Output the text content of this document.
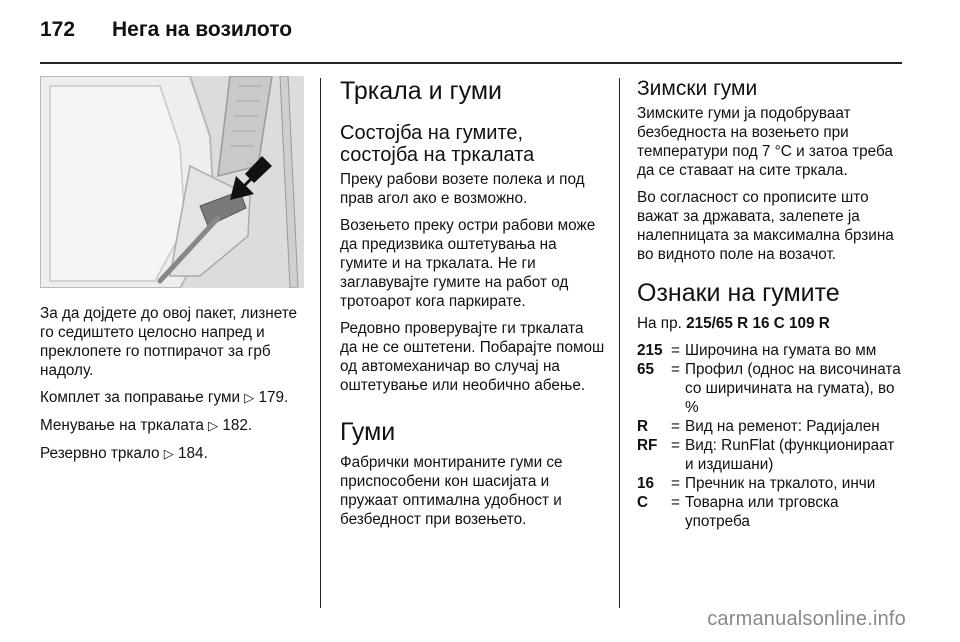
172 Нега на возилото

За да дојдете до овој пакет, лизнете го седиштето целосно напред и преклопете го потпирачот за грб надолу.

Комплет за поправање гуми ▷ 179.

Менување на тркалата ▷ 182.

Резервно тркало ▷ 184.

Тркала и гуми
Состојба на гумите, состојба на тркалата

Преку рабови возете полека и под прав агол ако е возможно.

Возењето преку остри рабови може да предизвика оштетувања на гумите и на тркалата. Не ги заглавувајте гумите на работ од тротоарот кога паркирате.

Редовно проверувајте ги тркалата да не се оштетени. Побарајте помош од автомеханичар во случај на оштетување или необично абење.

Гуми

Фабрички монтираните гуми се приспособени кон шасијата и пружаат оптимална удобност и безбедност при возењето.

Зимски гуми

Зимските гуми ја подобруваат безбедноста на возењето при температури под 7 °C и затоа треба да се ставаат на сите тркала.

Во согласност со прописите што важат за државата, залепете ја налепницата за максимална брзина во видното поле на возачот.

Ознаки на гумите

На пр. 215/65 R 16 C 109 R

215 = Широчина на гумата во мм
65	= Профил (однос на височината со ширичината на гумата), во %
R	= Вид на ременот: Радијален
RF = Вид: RunFlat (функционираат и издишани)
16	= Пречник на тркалото, инчи
C	= Товарна или трговска употреба
carmanualsonline.info
